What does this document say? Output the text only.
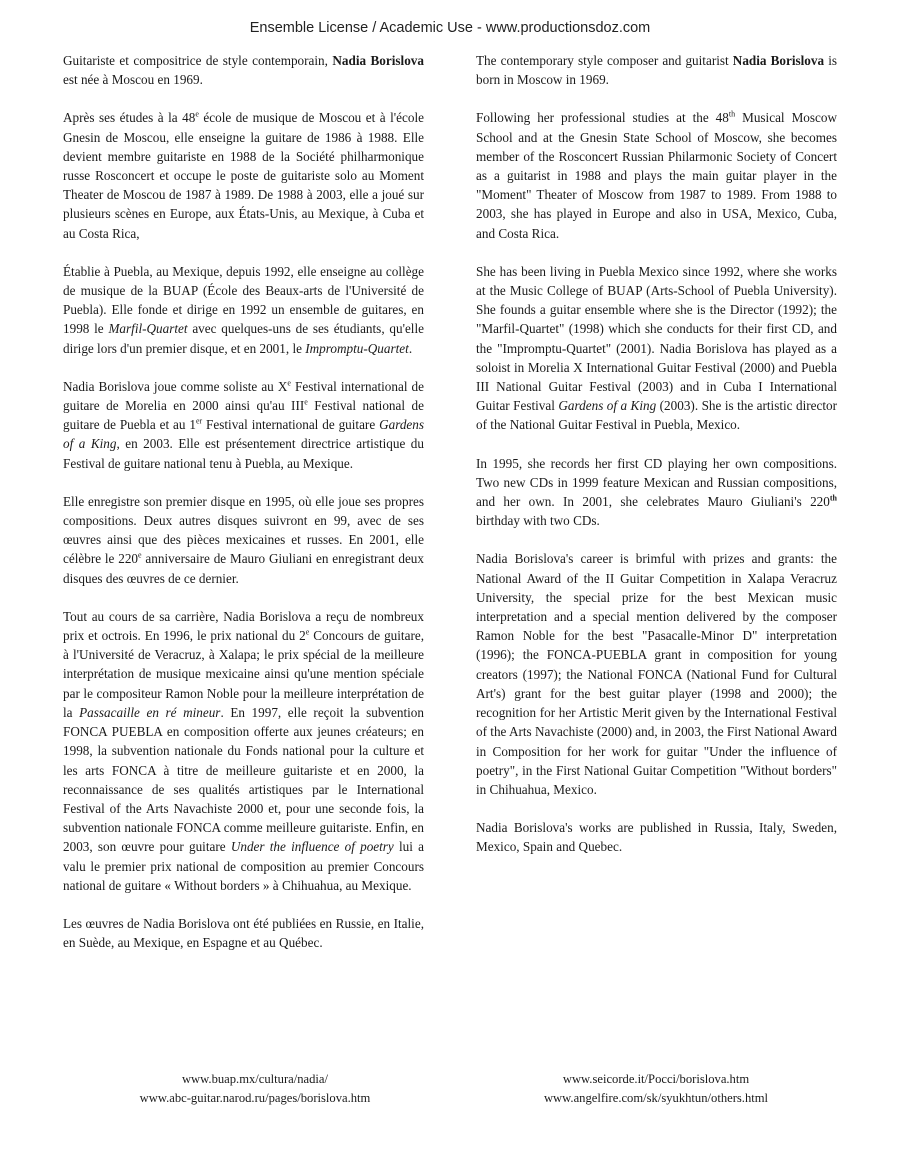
Ensemble License / Academic Use - www.productionsdoz.com

Guitariste et compositrice de style contemporain, Nadia Borislova est née à Moscou en 1969.

Après ses études à la 48e école de musique de Moscou et à l'école Gnesin de Moscou, elle enseigne la guitare de 1986 à 1988. Elle devient membre guitariste en 1988 de la Société philharmonique russe Rosconcert et occupe le poste de guitariste solo au Moment Theater de Moscou de 1987 à 1989. De 1988 à 2003, elle a joué sur plusieurs scènes en Europe, aux États-Unis, au Mexique, à Cuba et au Costa Rica,

Établie à Puebla, au Mexique, depuis 1992, elle enseigne au collège de musique de la BUAP (École des Beaux-arts de l'Université de Puebla). Elle fonde et dirige en 1992 un ensemble de guitares, en 1998 le Marfil-Quartet avec quelques-uns de ses étudiants, qu'elle dirige lors d'un premier disque, et en 2001, le Impromptu-Quartet.

Nadia Borislova joue comme soliste au Xe Festival international de guitare de Morelia en 2000 ainsi qu'au IIIe Festival national de guitare de Puebla et au 1er Festival international de guitare Gardens of a King, en 2003. Elle est présentement directrice artistique du Festival de guitare national tenu à Puebla, au Mexique.

Elle enregistre son premier disque en 1995, où elle joue ses propres compositions. Deux autres disques suivront en 99, avec de ses œuvres ainsi que des pièces mexicaines et russes. En 2001, elle célèbre le 220e anniversaire de Mauro Giuliani en enregistrant deux disques des œuvres de ce dernier.

Tout au cours de sa carrière, Nadia Borislova a reçu de nombreux prix et octrois. En 1996, le prix national du 2e Concours de guitare, à l'Université de Veracruz, à Xalapa; le prix spécial de la meilleure interprétation de musique mexicaine ainsi qu'une mention spéciale par le compositeur Ramon Noble pour la meilleure interprétation de la Passacaille en ré mineur. En 1997, elle reçoit la subvention FONCA PUEBLA en composition offerte aux jeunes créateurs; en 1998, la subvention nationale du Fonds national pour la culture et les arts FONCA à titre de meilleure guitariste et en 2000, la reconnaissance de ses qualités artistiques par le International Festival of the Arts Navachiste 2000 et, pour une seconde fois, la subvention nationale FONCA comme meilleure guitariste. Enfin, en 2003, son œuvre pour guitare Under the influence of poetry lui a valu le premier prix national de composition au premier Concours national de guitare « Without borders » à Chihuahua, au Mexique.

Les œuvres de Nadia Borislova ont été publiées en Russie, en Italie, en Suède, au Mexique, en Espagne et au Québec.

The contemporary style composer and guitarist Nadia Borislova is born in Moscow in 1969.

Following her professional studies at the 48th Musical Moscow School and at the Gnesin State School of Moscow, she becomes member of the Rosconcert Russian Philarmonic Society of Concert as a guitarist in 1988 and plays the main guitar player in the "Moment" Theater of Moscow from 1987 to 1989. From 1988 to 2003, she has played in Europe and also in USA, Mexico, Cuba, and Costa Rica.

She has been living in Puebla Mexico since 1992, where she works at the Music College of BUAP (Arts-School of Puebla University). She founds a guitar ensemble where she is the Director (1992); the "Marfil-Quartet" (1998) which she conducts for their first CD, and the "Impromptu-Quartet" (2001). Nadia Borislova has played as a soloist in Morelia X International Guitar Festival (2000) and Puebla III National Guitar Festival (2003) and in Cuba I International Guitar Festival Gardens of a King (2003). She is the artistic director of the National Guitar Festival in Puebla, Mexico.

In 1995, she records her first CD playing her own compositions. Two new CDs in 1999 feature Mexican and Russian compositions, and her own. In 2001, she celebrates Mauro Giuliani's 220th birthday with two CDs.

Nadia Borislova's career is brimful with prizes and grants: the National Award of the II Guitar Competition in Xalapa Veracruz University, the special prize for the best Mexican music interpretation and a special mention delivered by the composer Ramon Noble for the best "Pasacalle-Minor D" interpretation (1996); the FONCA-PUEBLA grant in composition for young creators (1997); the National FONCA (National Fund for Cultural Art's) grant for the best guitar player (1998 and 2000); the recognition for her Artistic Merit given by the International Festival of the Arts Navachiste (2000) and, in 2003, the First National Award in Composition for her work for guitar "Under the influence of poetry", in the First National Guitar Competition "Without borders" in Chihuahua, Mexico.

Nadia Borislova's works are published in Russia, Italy, Sweden, Mexico, Spain and Quebec.

www.buap.mx/cultura/nadia/
www.abc-guitar.narod.ru/pages/borislova.htm
www.seicorde.it/Pocci/borislova.htm
www.angelfire.com/sk/syukhtun/others.html
